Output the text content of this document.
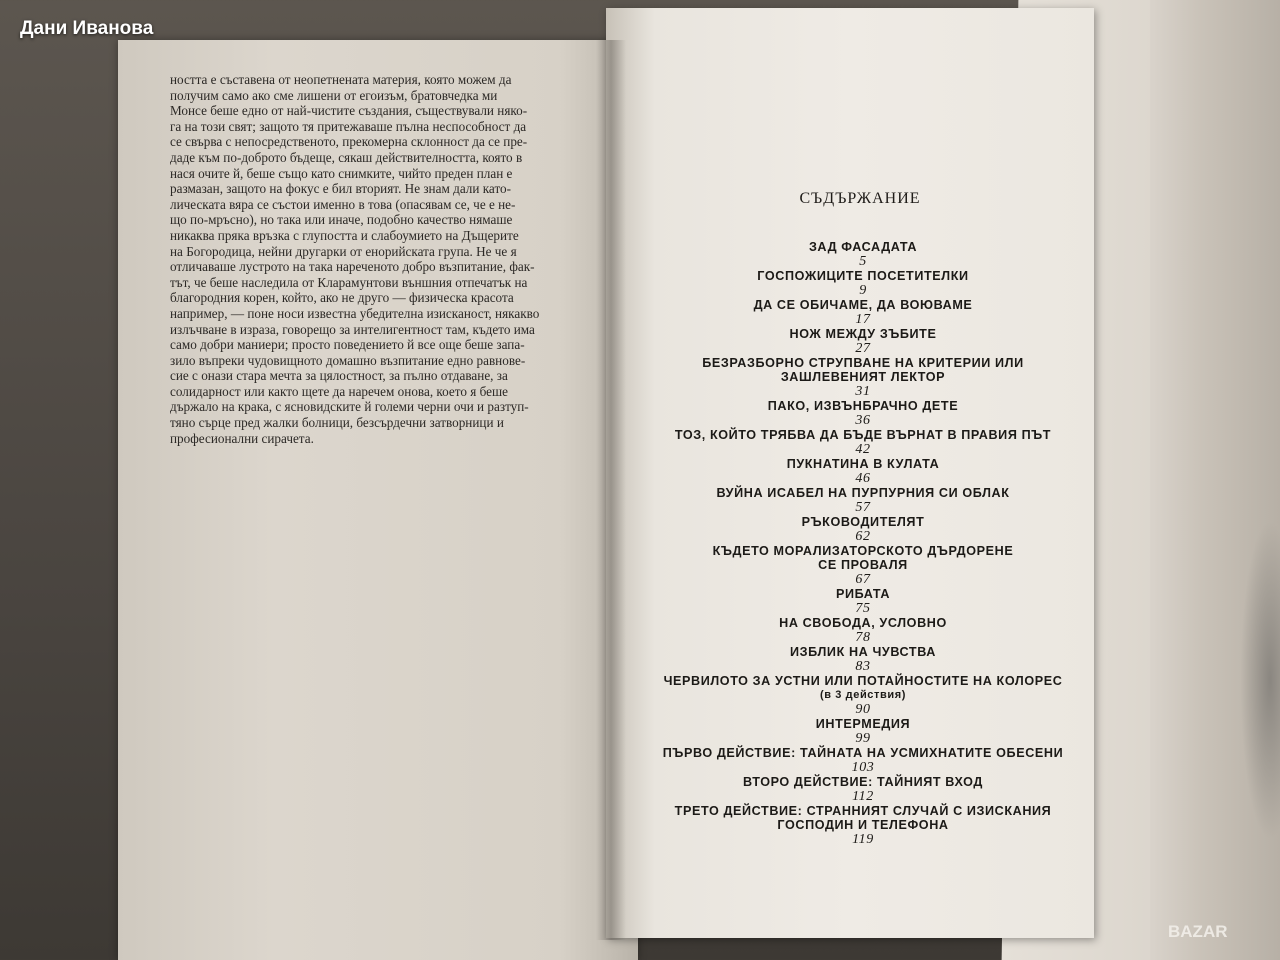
ността е съставена от неопетнената материя, която можем да
получим само ако сме лишени от егоизъм, братовчедка ми
Монсе беше едно от най-чистите създания, съществували няко-
га на този свят; защото тя притежаваше пълна неспособност да
се свърва с непосредственото, прекомерна склонност да се пре-
даде към по-доброто бъдеще, сякаш действителността, която в
нася очите й, беше също като снимките, чийто преден план е
размазан, защото на фокус е бил вторият. Не знам дали като-
лическата вяра се състои именно в това (опасявам се, че е не-
що по-мръсно), но така или иначе, подобно качество нямаше
никаква пряка връзка с глупостта и слабоумието на Дъщерите
на Богородица, нейни другарки от енорийската група. Не че я
отличаваше лустрото на така нареченото добро възпитание, фак-
тът, че беше наследила от Кларамунтови външния отпечатък на
благородния корен, който, ако не друго — физическа красота
например, — поне носи известна убедителна изисканост, някакво
излъчване в израза, говорещо за интелигентност там, където има
само добри маниери; просто поведението й все още беше запа-
зило въпреки чудовищното домашно възпитание едно равнове-
сие с онази стара мечта за цялостност, за пълно отдаване, за
солидарност или както щете да наречем онова, което я беше
държало на крака, с ясновидските й големи черни очи и разтуп-
тяно сърце пред жалки болници, безсърдечни затворници и
професионални сирачета.
СЪДЪРЖАНИЕ
ЗАД ФАСАДАТА
5
ГОСПОЖИЦИТЕ ПОСЕТИТЕЛКИ
9
ДА СЕ ОБИЧАМЕ, ДА ВОЮВАМЕ
17
НОЖ МЕЖДУ ЗЪБИТЕ
27
БЕЗРАЗБОРНО СТРУПВАНЕ НА КРИТЕРИИ ИЛИ
ЗАШЛЕВЕНИЯТ ЛЕКТОР
31
ПАКО, ИЗВЪНБРАЧНО ДЕТЕ
36
ТОЗ, КОЙТО ТРЯБВА ДА БЪДЕ ВЪРНАТ В ПРАВИЯ ПЪТ
42
ПУКНАТИНА В КУЛАТА
46
ВУЙНА ИСАБЕЛ НА ПУРПУРНИЯ СИ ОБЛАК
57
РЪКОВОДИТЕЛЯТ
62
КЪДЕТО МОРАЛИЗАТОРСКОТО ДЪРДОРЕНЕ
СЕ ПРОВАЛЯ
67
РИБАТА
75
НА СВОБОДА, УСЛОВНО
78
ИЗБЛИК НА ЧУВСТВА
83
ЧЕРВИЛОТО ЗА УСТНИ ИЛИ ПОТАЙНОСТИТЕ НА КОЛОРЕС
(в 3 действия)
90
ИНТЕРМЕДИЯ
99
ПЪРВО ДЕЙСТВИЕ: ТАЙНАТА НА УСМИХНАТИТЕ ОБЕСЕНИ
103
ВТОРО ДЕЙСТВИЕ: ТАЙНИЯТ ВХОД
112
ТРЕТО ДЕЙСТВИЕ: СТРАННИЯТ СЛУЧАЙ С ИЗИСКАНИЯ
ГОСПОДИН И ТЕЛЕФОНА
119
Дани Иванова
BAZAR
